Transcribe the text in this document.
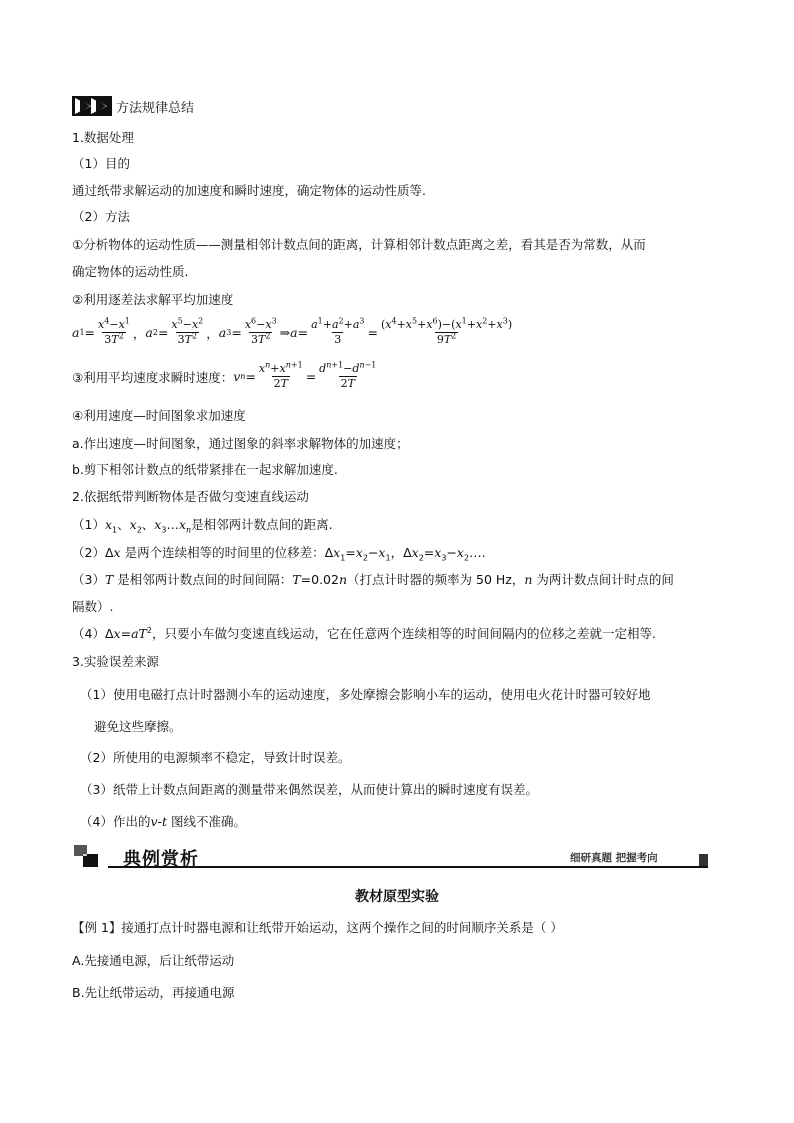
方法规律总结
1.数据处理
（1）目的
通过纸带求解运动的加速度和瞬时速度，确定物体的运动性质等.
（2）方法
①分析物体的运动性质——测量相邻计数点间的距离，计算相邻计数点距离之差，看其是否为常数，从而
确定物体的运动性质.
②利用逐差法求解平均加速度
a $1 = \frac{x^4-x^1}{3T^2}$ ， a $2 = \frac{x^5-x^2}{3T^2}$ ， a $3 = \frac{x^6-x^3}{3T^2}$ ⇒ $a = \frac{a^1+a^2+a^3}{3} = \frac{(x^4+x^5+x^6)-(x^1+x^2+x^3)}{9T^2}$
③利用平均速度求瞬时速度： v $n = \frac{x^n+x^{n+1}}{2T} = \frac{d^{n+1}-d^{n-1}}{2T}$
④利用速度—时间图象求加速度
a.作出速度—时间图象，通过图象的斜率求解物体的加速度；
b.剪下相邻计数点的纸带紧排在一起求解加速度.
2.依据纸带判断物体是否做匀变速直线运动
$(1)x_1$、$x_2$、$x_3\dots x_n$是相邻两计数点间的距离.
（2）Δx 是两个连续相等的时间里的位移差：$\Delta x_1=x_2-x_1$，$\Delta x_2=x_3-x_2\dots$.
（3）T 是相邻两计数点间的时间间隔：T=0.02n（打点计时器的频率为 50 Hz，n 为两计数点间计时点的间
隔数）.
$(4)\Delta x=aT^2$，只要小车做匀变速直线运动，它在任意两个连续相等的时间间隔内的位移之差就一定相等.
3.实验误差来源
（1）使用电磁打点计时器测小车的运动速度，多处摩擦会影响小车的运动，使用电火花计时器可较好地
避免这些摩擦。
（2）所使用的电源频率不稳定，导致计时误差。
（3）纸带上计数点间距离的测量带来偶然误差，从而使计算出的瞬时速度有误差。
（4）作出的v-t 图线不准确。
典例赏析	细研真题 把握考向
教材原型实验
【例 1】接通打点计时器电源和让纸带开始运动，这两个操作之间的时间顺序关系是（ ）
A.先接通电源，后让纸带运动
B.先让纸带运动，再接通电源
